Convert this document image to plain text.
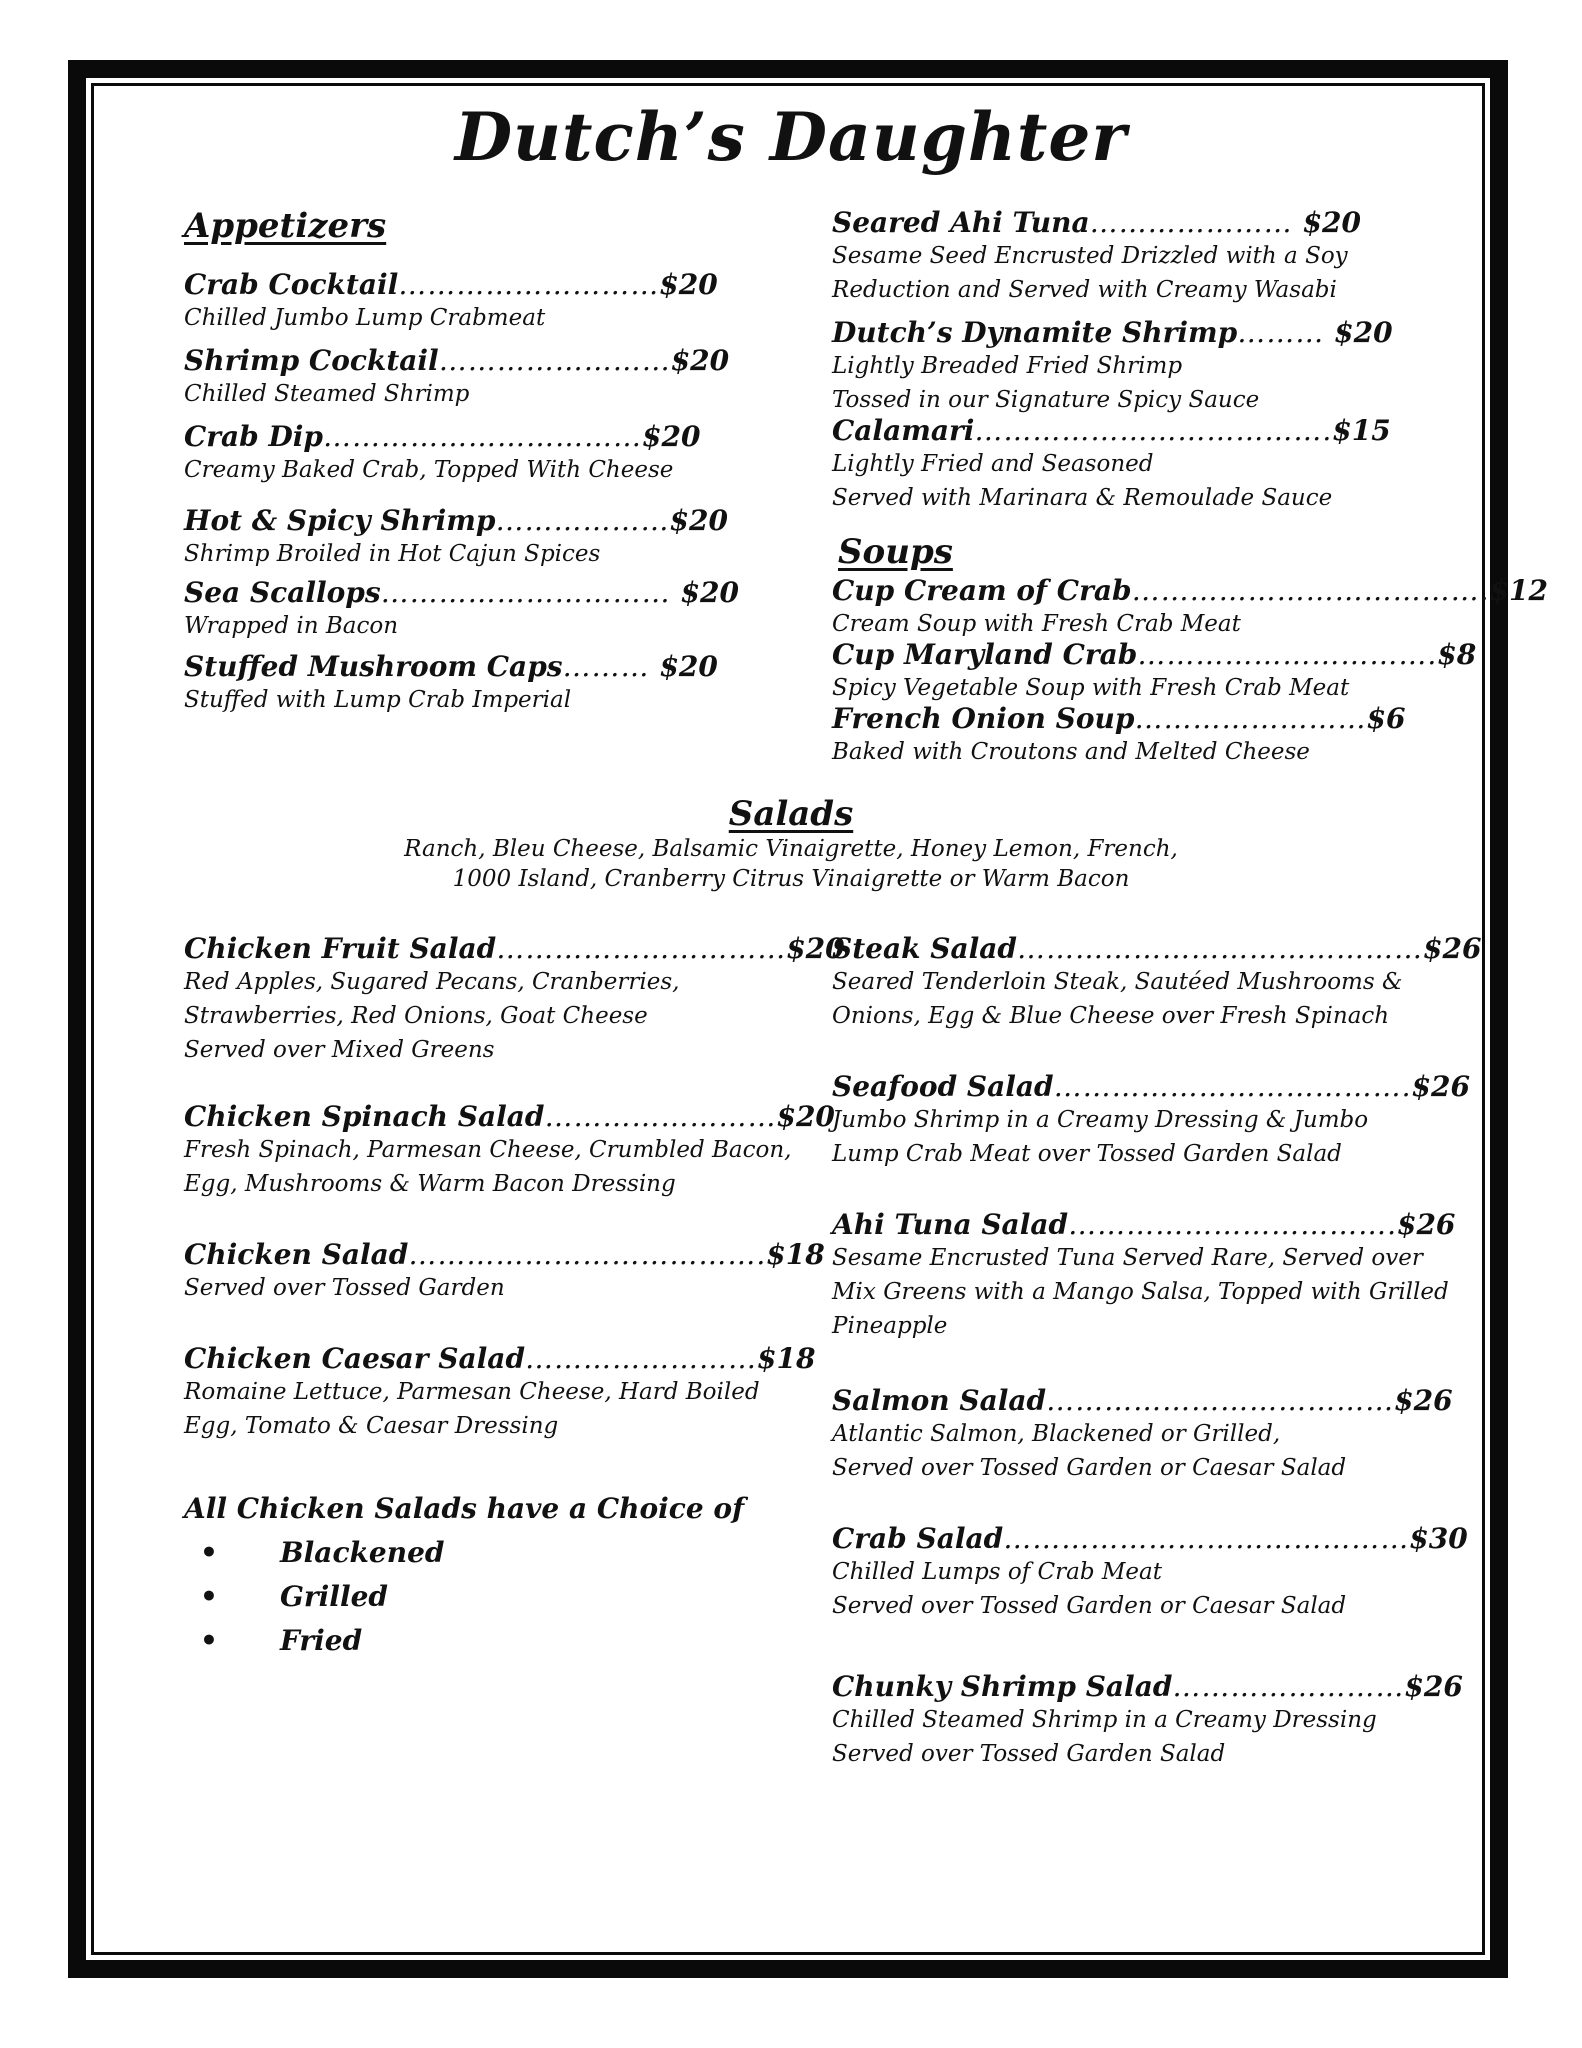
Dutch’s Daughter
Appetizers
Crab Cocktail………………………$20
Chilled Jumbo Lump Crabmeat
Shrimp Cocktail……………………$20
Chilled Steamed Shrimp
Crab Dip……………………………$20
Creamy Baked Crab, Topped With Cheese
Hot & Spicy Shrimp………………$20
Shrimp Broiled in Hot Cajun Spices
Sea Scallops………………………… $20
Wrapped in Bacon
Stuffed Mushroom Caps……… $20
Stuffed with Lump Crab Imperial
Seared Ahi Tuna………………… $20
Sesame Seed Encrusted Drizzled with a Soy
Reduction and Served with Creamy Wasabi
Dutch’s Dynamite Shrimp……… $20
Lightly Breaded Fried Shrimp
Tossed in our Signature Spicy Sauce
Calamari……………………………….$15
Lightly Fried and Seasoned
Served with Marinara & Remoulade Sauce
Soups
Cup Cream of Crab……………………………….$12
Cream Soup with Fresh Crab Meat
Cup Maryland Crab………………………….$8
Spicy Vegetable Soup with Fresh Crab Meat
French Onion Soup……………………$6
Baked with Croutons and Melted Cheese
Salads
Ranch, Bleu Cheese, Balsamic Vinaigrette, Honey Lemon, French,
1000 Island, Cranberry Citrus Vinaigrette or Warm Bacon
Chicken Fruit Salad…………………………$20
Red Apples, Sugared Pecans, Cranberries,
Strawberries, Red Onions, Goat Cheese
Served over Mixed Greens
Chicken Spinach Salad……………………$20
Fresh Spinach, Parmesan Cheese, Crumbled Bacon,
Egg, Mushrooms & Warm Bacon Dressing
Chicken Salad……………………………….$18
Served over Tossed Garden
Chicken Caesar Salad……………………$18
Romaine Lettuce, Parmesan Cheese, Hard Boiled
Egg, Tomato & Caesar Dressing
All Chicken Salads have a Choice of
• Blackened
• Grilled
• Fried
Steak Salad……………………………………$26
Seared Tenderloin Steak, Sautéed Mushrooms &
Onions, Egg & Blue Cheese over Fresh Spinach
Seafood Salad……………………………….$26
Jumbo Shrimp in a Creamy Dressing & Jumbo
Lump Crab Meat over Tossed Garden Salad
Ahi Tuna Salad…………………………….$26
Sesame Encrusted Tuna Served Rare, Served over
Mix Greens with a Mango Salsa, Topped with Grilled
Pineapple
Salmon Salad………………………………$26
Atlantic Salmon, Blackened or Grilled,
Served over Tossed Garden or Caesar Salad
Crab Salad……………………………………$30
Chilled Lumps of Crab Meat
Served over Tossed Garden or Caesar Salad
Chunky Shrimp Salad……………………$26
Chilled Steamed Shrimp in a Creamy Dressing
Served over Tossed Garden Salad
